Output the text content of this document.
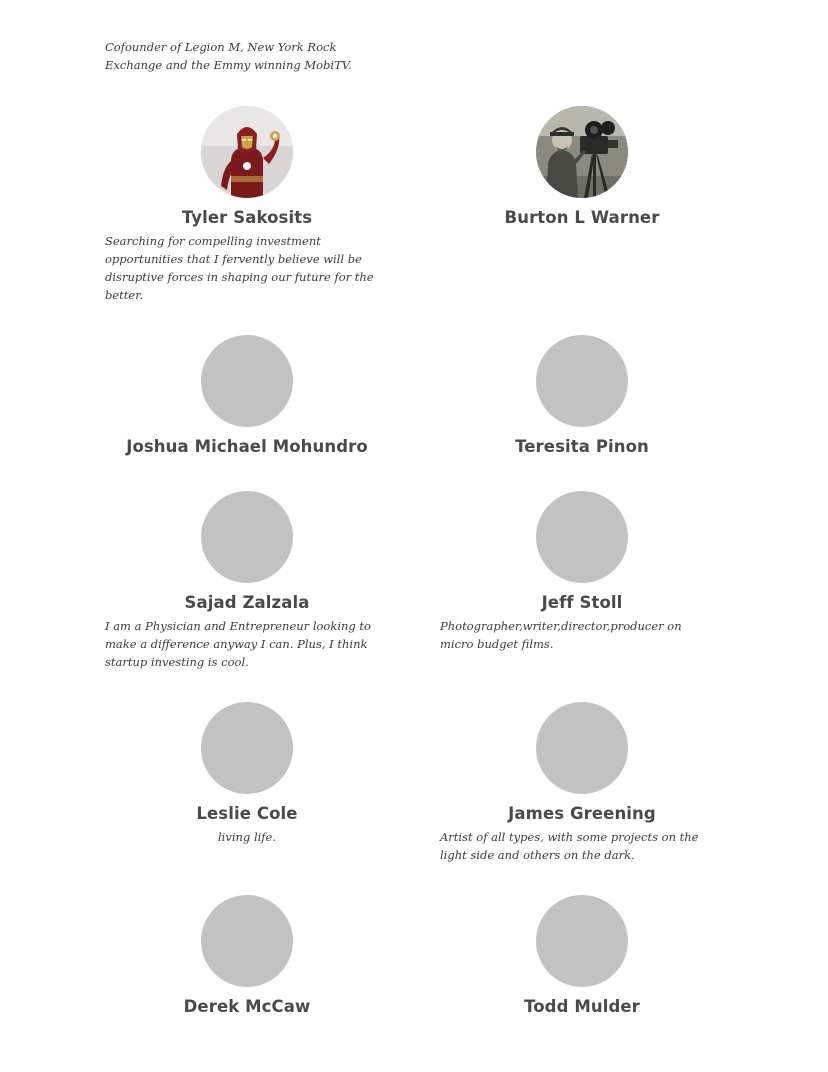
Cofounder of Legion M, New York Rock
Exchange and the Emmy winning MobiTV.
Tyler Sakosits
Searching for compelling investment
opportunities that I fervently believe will be
disruptive forces in shaping our future for the
better.
Burton L Warner
Joshua Michael Mohundro	Teresita Pinon
Sajad Zalzala
I am a Physician and Entrepreneur looking to
make a difference anyway I can. Plus, I think
startup investing is cool.
Jeff Stoll
Photographer,writer,director,producer on
micro budget films.
Leslie Cole
living life.
James Greening
Artist of all types, with some projects on the
light side and others on the dark.
Derek McCaw	Todd Mulder
